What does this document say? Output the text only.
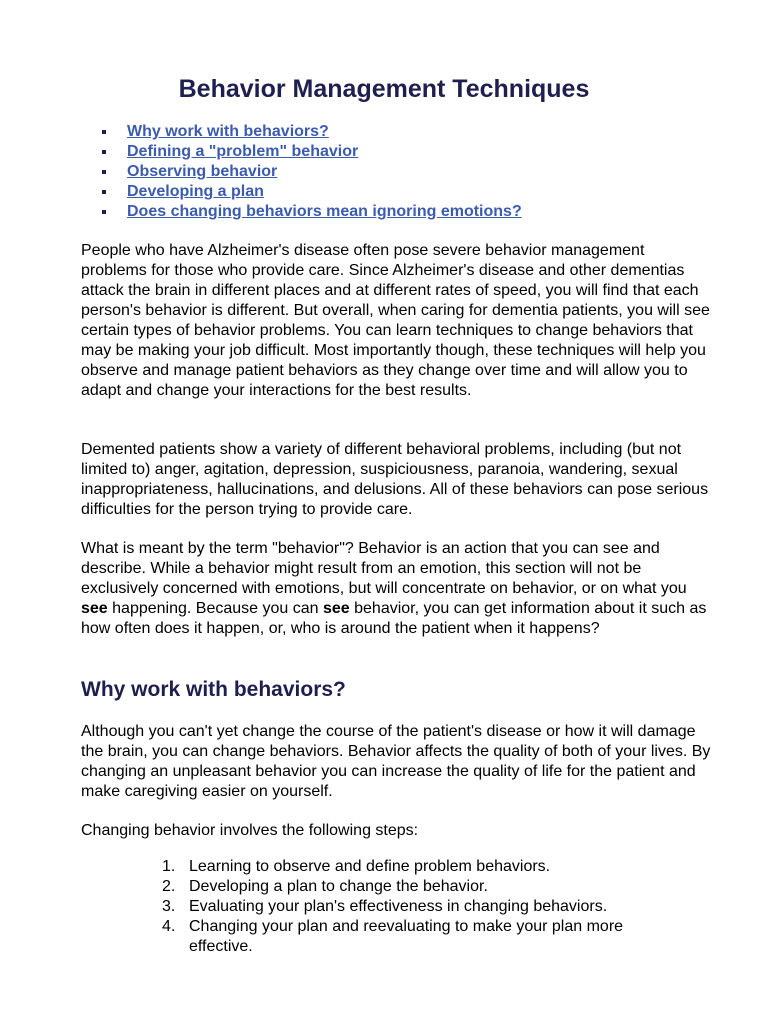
Behavior Management Techniques
Why work with behaviors?
Defining a "problem" behavior
Observing behavior
Developing a plan
Does changing behaviors mean ignoring emotions?

People who have Alzheimer's disease often pose severe behavior management problems for those who provide care. Since Alzheimer's disease and other dementias attack the brain in different places and at different rates of speed, you will find that each person's behavior is different. But overall, when caring for dementia patients, you will see certain types of behavior problems. You can learn techniques to change behaviors that may be making your job difficult. Most importantly though, these techniques will help you observe and manage patient behaviors as they change over time and will allow you to adapt and change your interactions for the best results.

Demented patients show a variety of different behavioral problems, including (but not limited to) anger, agitation, depression, suspiciousness, paranoia, wandering, sexual inappropriateness, hallucinations, and delusions. All of these behaviors can pose serious difficulties for the person trying to provide care.

What is meant by the term "behavior"? Behavior is an action that you can see and describe. While a behavior might result from an emotion, this section will not be exclusively concerned with emotions, but will concentrate on behavior, or on what you see happening. Because you can see behavior, you can get information about it such as how often does it happen, or, who is around the patient when it happens?

Why work with behaviors?

Although you can't yet change the course of the patient's disease or how it will damage the brain, you can change behaviors. Behavior affects the quality of both of your lives. By changing an unpleasant behavior you can increase the quality of life for the patient and make caregiving easier on yourself.

Changing behavior involves the following steps:

1. Learning to observe and define problem behaviors.
2. Developing a plan to change the behavior.
3. Evaluating your plan's effectiveness in changing behaviors.
4. Changing your plan and reevaluating to make your plan more effective.
